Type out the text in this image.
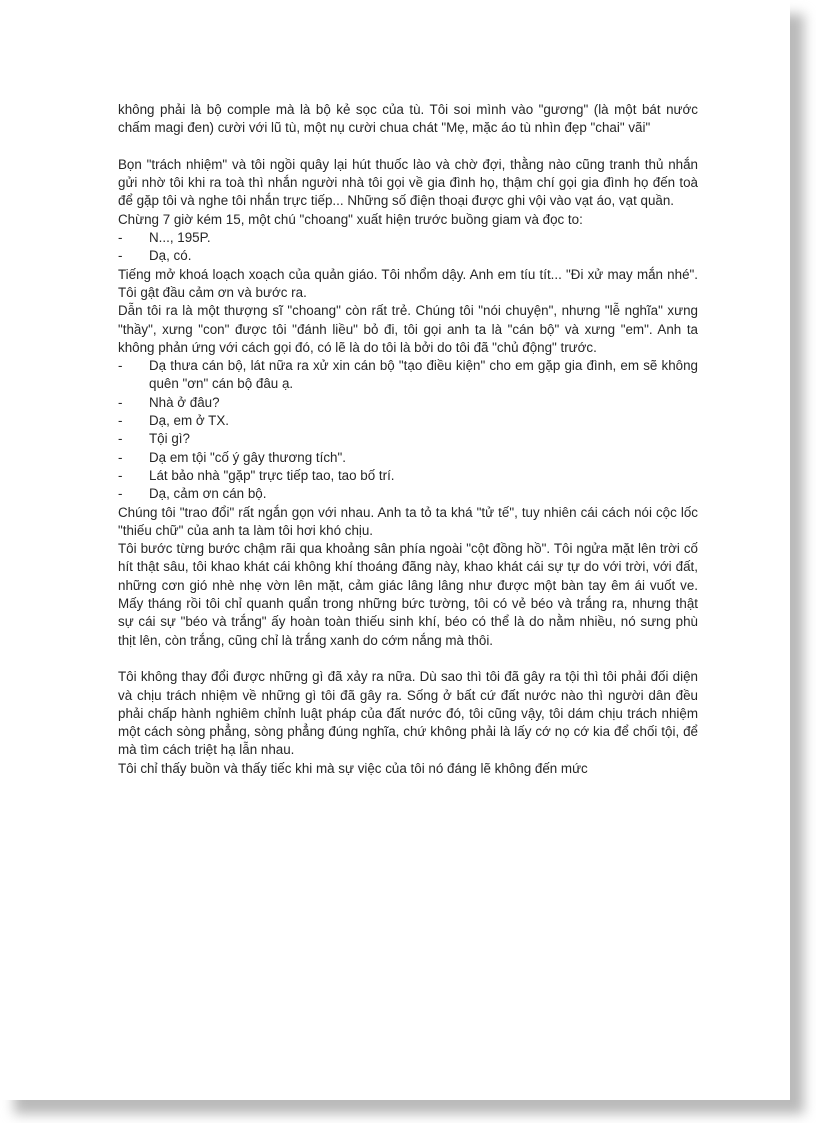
không phải là bộ comple mà là bộ kẻ sọc của tù. Tôi soi mình vào "gương" (là một bát nước chấm magi đen) cười với lũ tù, một nụ cười chua chát "Mẹ, mặc áo tù nhìn đẹp "chai" vãi"

Bọn "trách nhiệm" và tôi ngồi quây lại hút thuốc lào và chờ đợi, thằng nào cũng tranh thủ nhắn gửi nhờ tôi khi ra toà thì nhắn người nhà tôi gọi về gia đình họ, thậm chí gọi gia đình họ đến toà để gặp tôi và nghe tôi nhắn trực tiếp... Những số điện thoại được ghi vội vào vạt áo, vạt quần.

Chừng 7 giờ kém 15, một chú "choang" xuất hiện trước buồng giam và đọc to:

- N..., 195P.
- Dạ, có.

Tiếng mở khoá loạch xoạch của quản giáo. Tôi nhổm dậy. Anh em tíu tít... "Đi xử may mắn nhé". Tôi gật đầu cảm ơn và bước ra.

Dẫn tôi ra là một thượng sĩ "choang" còn rất trẻ. Chúng tôi "nói chuyện", nhưng "lễ nghĩa" xưng "thầy", xưng "con" được tôi "đánh liều" bỏ đi, tôi gọi anh ta là "cán bộ" và xưng "em". Anh ta không phản ứng với cách gọi đó, có lẽ là do tôi là bởi do tôi đã "chủ động" trước.

- Dạ thưa cán bộ, lát nữa ra xử xin cán bộ "tạo điều kiện" cho em gặp gia đình, em sẽ không quên "ơn" cán bộ đâu ạ.
- Nhà ở đâu?
- Dạ, em ở TX.
- Tội gì?
- Dạ em tội "cố ý gây thương tích".
- Lát bảo nhà "gặp" trực tiếp tao, tao bố trí.
- Dạ, cảm ơn cán bộ.

Chúng tôi "trao đổi" rất ngắn gọn với nhau. Anh ta tỏ ta khá "tử tế", tuy nhiên cái cách nói cộc lốc "thiếu chữ" của anh ta làm tôi hơi khó chịu.

Tôi bước từng bước chậm rãi qua khoảng sân phía ngoài "cột đồng hồ". Tôi ngửa mặt lên trời cố hít thật sâu, tôi khao khát cái không khí thoáng đãng này, khao khát cái sự tự do với trời, với đất, những cơn gió nhè nhẹ vờn lên mặt, cảm giác lâng lâng như được một bàn tay êm ái vuốt ve. Mấy tháng rồi tôi chỉ quanh quẩn trong những bức tường, tôi có vẻ béo và trắng ra, nhưng thật sự cái sự "béo và trắng" ấy hoàn toàn thiếu sinh khí, béo có thể là do nằm nhiều, nó sưng phù thịt lên, còn trắng, cũng chỉ là trắng xanh do cớm nắng mà thôi.

Tôi không thay đổi được những gì đã xảy ra nữa. Dù sao thì tôi đã gây ra tội thì tôi phải đối diện và chịu trách nhiệm về những gì tôi đã gây ra. Sống ở bất cứ đất nước nào thì người dân đều phải chấp hành nghiêm chỉnh luật pháp của đất nước đó, tôi cũng vậy, tôi dám chịu trách nhiệm một cách sòng phẳng, sòng phẳng đúng nghĩa, chứ không phải là lấy cớ nọ cớ kia để chối tội, để mà tìm cách triệt hạ lẫn nhau.

Tôi chỉ thấy buồn và thấy tiếc khi mà sự việc của tôi nó đáng lẽ không đến mức
